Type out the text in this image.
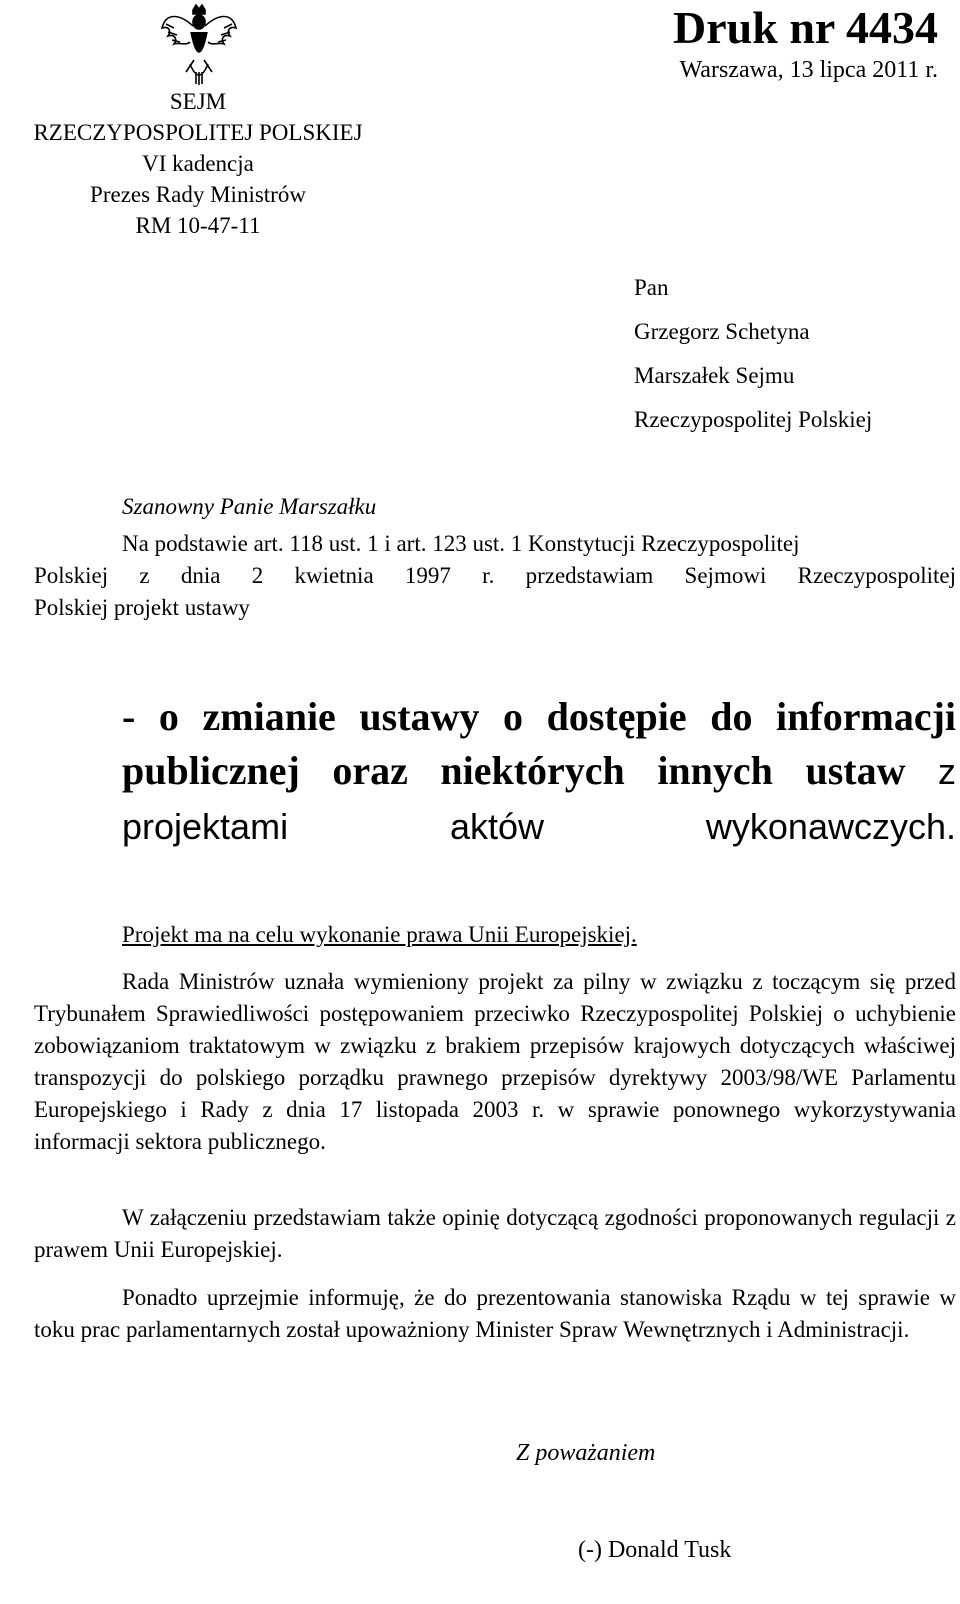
SEJM
RZECZYPOSPOLITEJ POLSKIEJ
VI kadencja
Prezes Rady Ministrów
RM 10-47-11
Druk nr 4434
Warszawa, 13 lipca 2011 r.
Pan
Grzegorz Schetyna
Marszałek Sejmu
Rzeczypospolitej Polskiej
Szanowny Panie Marszałku
Na podstawie art. 118 ust. 1 i art. 123 ust. 1 Konstytucji Rzeczypospolitej
Polskiej z dnia 2 kwietnia 1997 r. przedstawiam Sejmowi Rzeczypospolitej
Polskiej projekt ustawy
- o zmianie ustawy o dostępie do informacji publicznej oraz niektórych innych ustaw z projektami aktów wykonawczych.
Projekt ma na celu wykonanie prawa Unii Europejskiej.
Rada Ministrów uznała wymieniony projekt za pilny w związku z toczącym się przed Trybunałem Sprawiedliwości postępowaniem przeciwko Rzeczypospolitej Polskiej o uchybienie zobowiązaniom traktatowym w związku z brakiem przepisów krajowych dotyczących właściwej transpozycji do polskiego porządku prawnego przepisów dyrektywy 2003/98/WE Parlamentu Europejskiego i Rady z dnia 17 listopada 2003 r. w sprawie ponownego wykorzystywania informacji sektora publicznego.
W załączeniu przedstawiam także opinię dotyczącą zgodności proponowanych regulacji z prawem Unii Europejskiej.
Ponadto uprzejmie informuję, że do prezentowania stanowiska Rządu w tej sprawie w toku prac parlamentarnych został upoważniony Minister Spraw Wewnętrznych i Administracji.
Z poważaniem
(-) Donald Tusk
